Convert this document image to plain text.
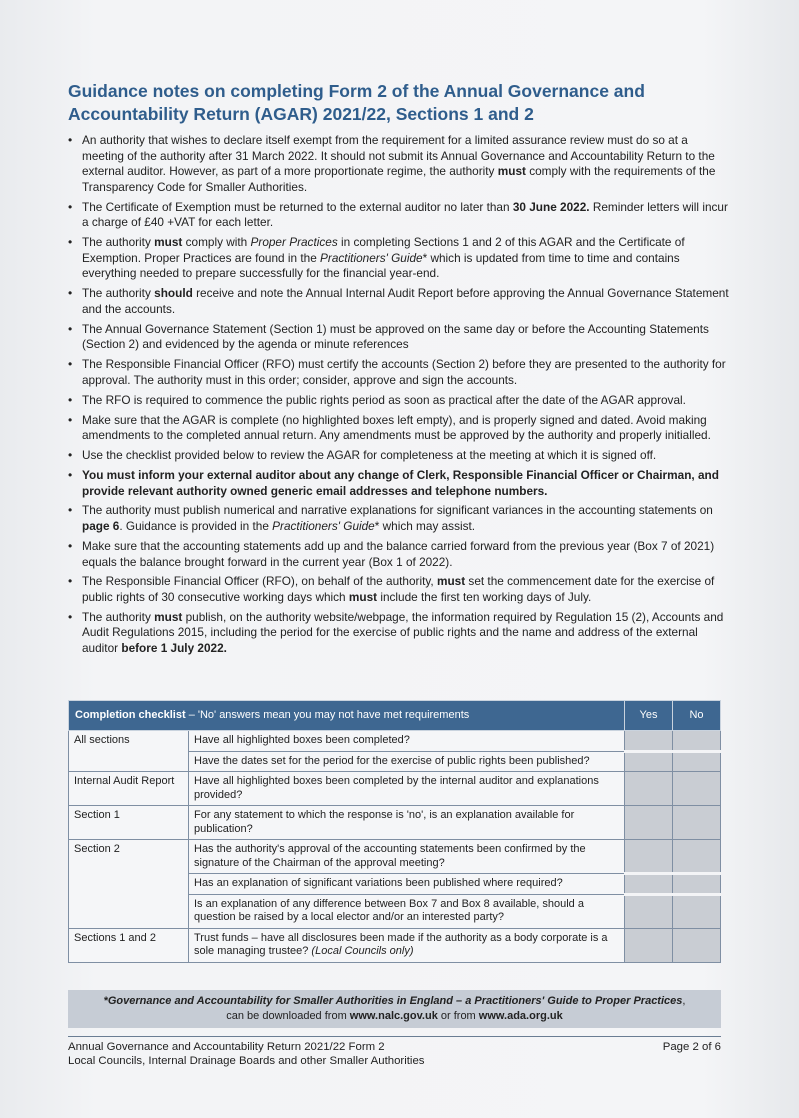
Guidance notes on completing Form 2 of the Annual Governance and Accountability Return (AGAR) 2021/22, Sections 1 and 2
• An authority that wishes to declare itself exempt from the requirement for a limited assurance review must do so at a meeting of the authority after 31 March 2022. It should not submit its Annual Governance and Accountability Return to the external auditor. However, as part of a more proportionate regime, the authority must comply with the requirements of the Transparency Code for Smaller Authorities.
• The Certificate of Exemption must be returned to the external auditor no later than 30 June 2022. Reminder letters will incur a charge of £40 +VAT for each letter.
• The authority must comply with Proper Practices in completing Sections 1 and 2 of this AGAR and the Certificate of Exemption. Proper Practices are found in the Practitioners' Guide* which is updated from time to time and contains everything needed to prepare successfully for the financial year-end.
• The authority should receive and note the Annual Internal Audit Report before approving the Annual Governance Statement and the accounts.
• The Annual Governance Statement (Section 1) must be approved on the same day or before the Accounting Statements (Section 2) and evidenced by the agenda or minute references
• The Responsible Financial Officer (RFO) must certify the accounts (Section 2) before they are presented to the authority for approval. The authority must in this order; consider, approve and sign the accounts.
• The RFO is required to commence the public rights period as soon as practical after the date of the AGAR approval.
• Make sure that the AGAR is complete (no highlighted boxes left empty), and is properly signed and dated. Avoid making amendments to the completed annual return. Any amendments must be approved by the authority and properly initialled.
• Use the checklist provided below to review the AGAR for completeness at the meeting at which it is signed off.
• You must inform your external auditor about any change of Clerk, Responsible Financial Officer or Chairman, and provide relevant authority owned generic email addresses and telephone numbers.
• The authority must publish numerical and narrative explanations for significant variances in the accounting statements on page 6. Guidance is provided in the Practitioners' Guide* which may assist.
• Make sure that the accounting statements add up and the balance carried forward from the previous year (Box 7 of 2021) equals the balance brought forward in the current year (Box 1 of 2022).
• The Responsible Financial Officer (RFO), on behalf of the authority, must set the commencement date for the exercise of public rights of 30 consecutive working days which must include the first ten working days of July.
• The authority must publish, on the authority website/webpage, the information required by Regulation 15 (2), Accounts and Audit Regulations 2015, including the period for the exercise of public rights and the name and address of the external auditor before 1 July 2022.
Completion checklist – 'No' answers mean you may not have met requirements		Yes	No
All sections	Have all highlighted boxes been completed?		
	Have the dates set for the period for the exercise of public rights been published?		
Internal Audit Report	Have all highlighted boxes been completed by the internal auditor and explanations provided?		
Section 1	For any statement to which the response is 'no', is an explanation available for publication?		
Section 2	Has the authority's approval of the accounting statements been confirmed by the signature of the Chairman of the approval meeting?		
	Has an explanation of significant variations been published where required?		
	Is an explanation of any difference between Box 7 and Box 8 available, should a question be raised by a local elector and/or an interested party?		
Sections 1 and 2	Trust funds – have all disclosures been made if the authority as a body corporate is a sole managing trustee? (Local Councils only)		
*Governance and Accountability for Smaller Authorities in England – a Practitioners' Guide to Proper Practices,
can be downloaded from www.nalc.gov.uk or from www.ada.org.uk
Annual Governance and Accountability Return 2021/22 Form 2
Local Councils, Internal Drainage Boards and other Smaller Authorities
Page 2 of 6
